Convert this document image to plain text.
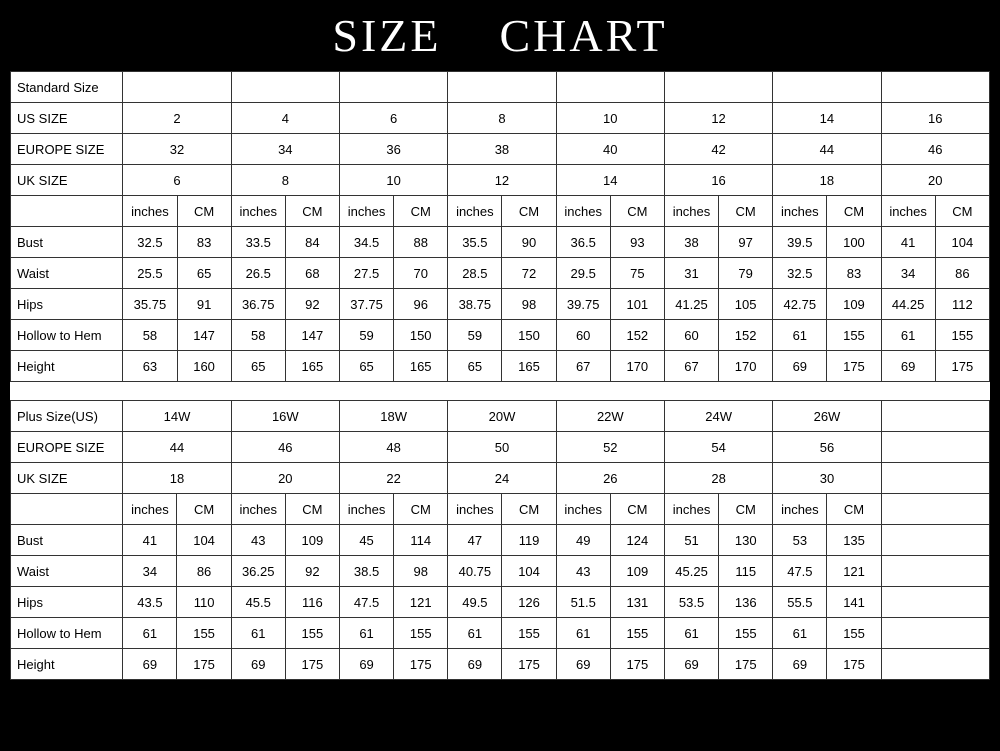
SIZE    CHART
Standard Size																
US SIZE	2		4		6		8		10		12		14		16	
EUROPE SIZE	32		34		36		38		40		42		44		46	
UK SIZE	6		8		10		12		14		16		18		20	
	inches	CM	inches	CM	inches	CM	inches	CM	inches	CM	inches	CM	inches	CM	inches	CM
Bust	32.5	83	33.5	84	34.5	88	35.5	90	36.5	93	38	97	39.5	100	41	104
Waist	25.5	65	26.5	68	27.5	70	28.5	72	29.5	75	31	79	32.5	83	34	86
Hips	35.75	91	36.75	92	37.75	96	38.75	98	39.75	101	41.25	105	42.75	109	44.25	112
Hollow to Hem	58	147	58	147	59	150	59	150	60	152	60	152	61	155	61	155
Height	63	160	65	165	65	165	65	165	67	170	67	170	69	175	69	175
Plus Size(US)	14W		16W		18W		20W		22W		24W		26W		
EUROPE SIZE	44		46		48		50		52		54		56		
UK SIZE	18		20		22		24		26		28		30		
	inches	CM	inches	CM	inches	CM	inches	CM	inches	CM	inches	CM	inches	CM	
Bust	41	104	43	109	45	114	47	119	49	124	51	130	53	135	
Waist	34	86	36.25	92	38.5	98	40.75	104	43	109	45.25	115	47.5	121	
Hips	43.5	110	45.5	116	47.5	121	49.5	126	51.5	131	53.5	136	55.5	141	
Hollow to Hem	61	155	61	155	61	155	61	155	61	155	61	155	61	155	
Height	69	175	69	175	69	175	69	175	69	175	69	175	69	175	
